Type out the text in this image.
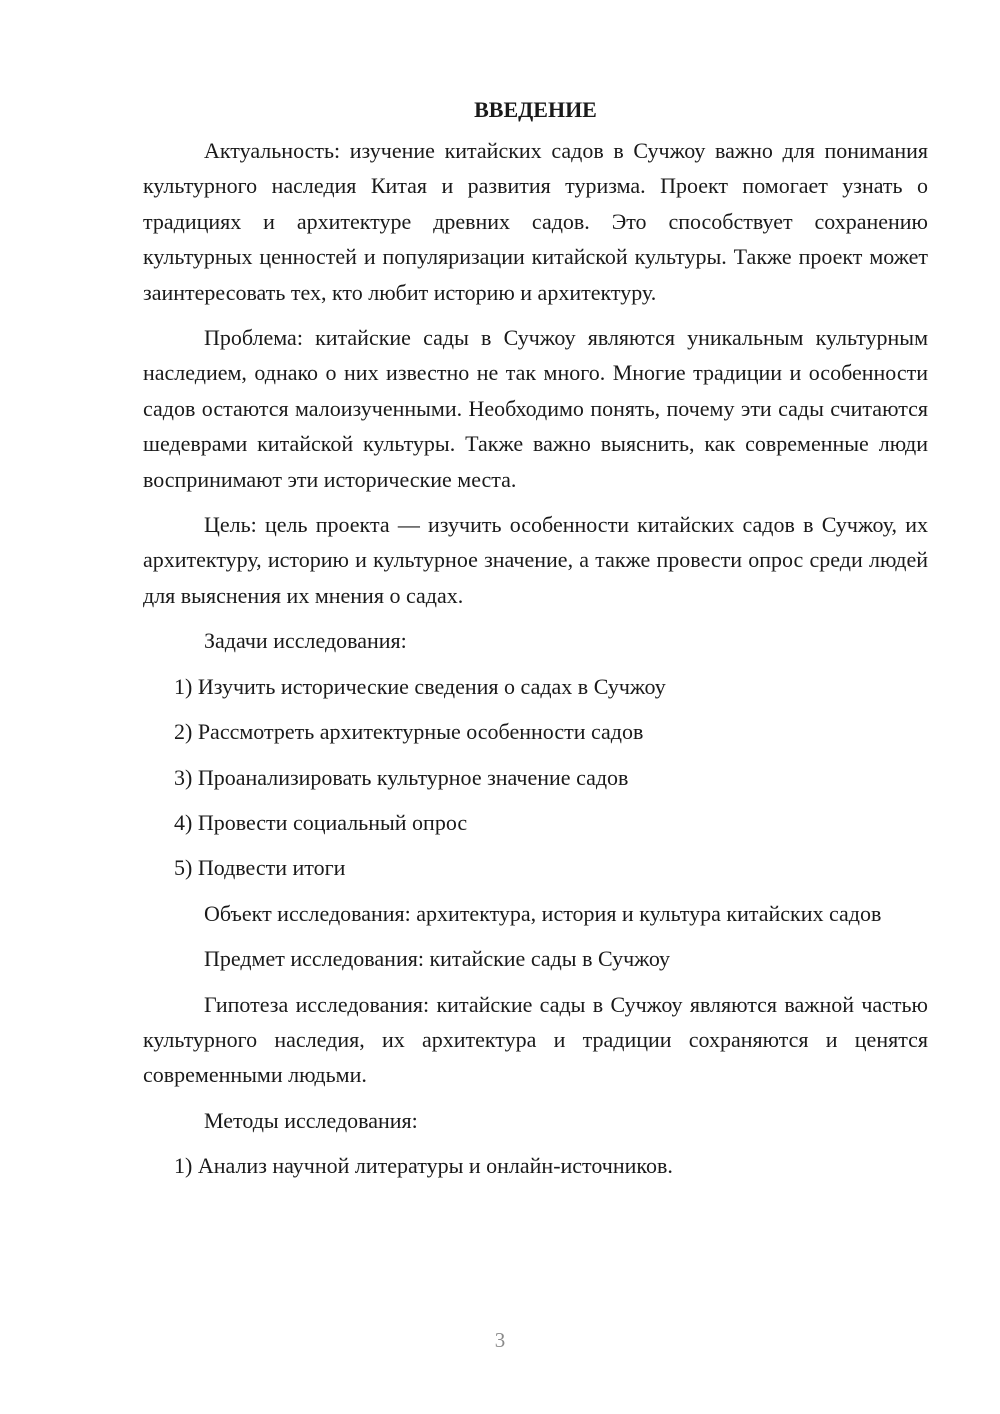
ВВЕДЕНИЕ

Актуальность: изучение китайских садов в Сучжоу важно для понимания культурного наследия Китая и развития туризма. Проект помогает узнать о традициях и архитектуре древних садов. Это способствует сохранению культурных ценностей и популяризации китайской культуры. Также проект может заинтересовать тех, кто любит историю и архитектуру.

Проблема: китайские сады в Сучжоу являются уникальным культурным наследием, однако о них известно не так много. Многие традиции и особенности садов остаются малоизученными. Необходимо понять, почему эти сады считаются шедеврами китайской культуры. Также важно выяснить, как современные люди воспринимают эти исторические места.

Цель: цель проекта — изучить особенности китайских садов в Сучжоу, их архитектуру, историю и культурное значение, а также провести опрос среди людей для выяснения их мнения о садах.

Задачи исследования:

1) Изучить исторические сведения о садах в Сучжоу
2) Рассмотреть архитектурные особенности садов
3) Проанализировать культурное значение садов
4) Провести социальный опрос
5) Подвести итоги

Объект исследования: архитектура, история и культура китайских садов

Предмет исследования: китайские сады в Сучжоу

Гипотеза исследования: китайские сады в Сучжоу являются важной частью культурного наследия, их архитектура и традиции сохраняются и ценятся современными людьми.

Методы исследования:

1) Анализ научной литературы и онлайн-источников.
3
